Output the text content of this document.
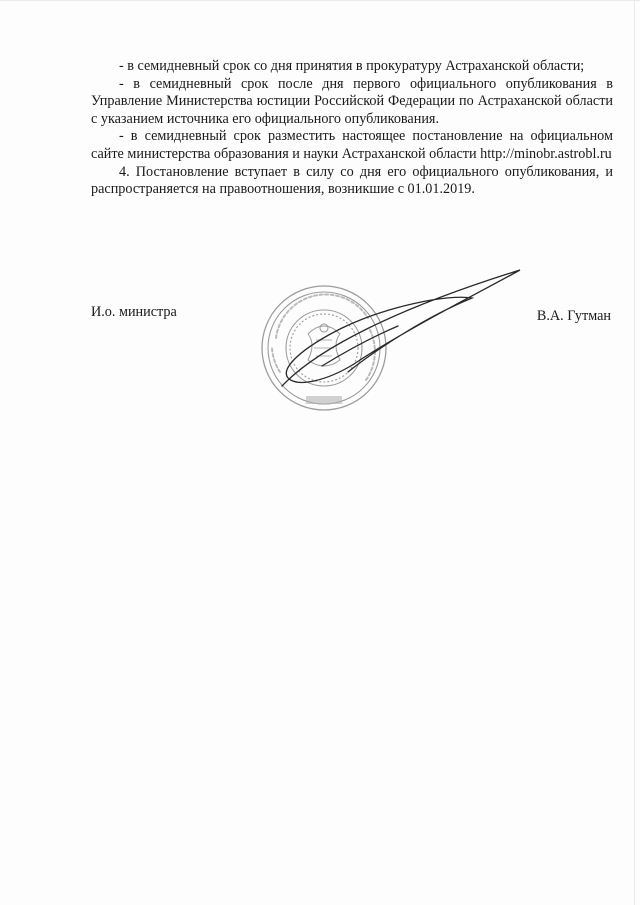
- в семидневный срок со дня принятия в прокуратуру Астраханской области;

- в семидневный срок после дня первого официального опубликования в Управление Министерства юстиции Российской Федерации по Астраханской области с указанием источника его официального опубликования.

- в семидневный срок разместить настоящее постановление на официальном сайте министерства образования и науки Астраханской области http://minobr.astrobl.ru

4. Постановление вступает в силу со дня его официального опубликования, и распространяется на правоотношения, возникшие с 01.01.2019.

И.о. министра	В.А. Гутман
